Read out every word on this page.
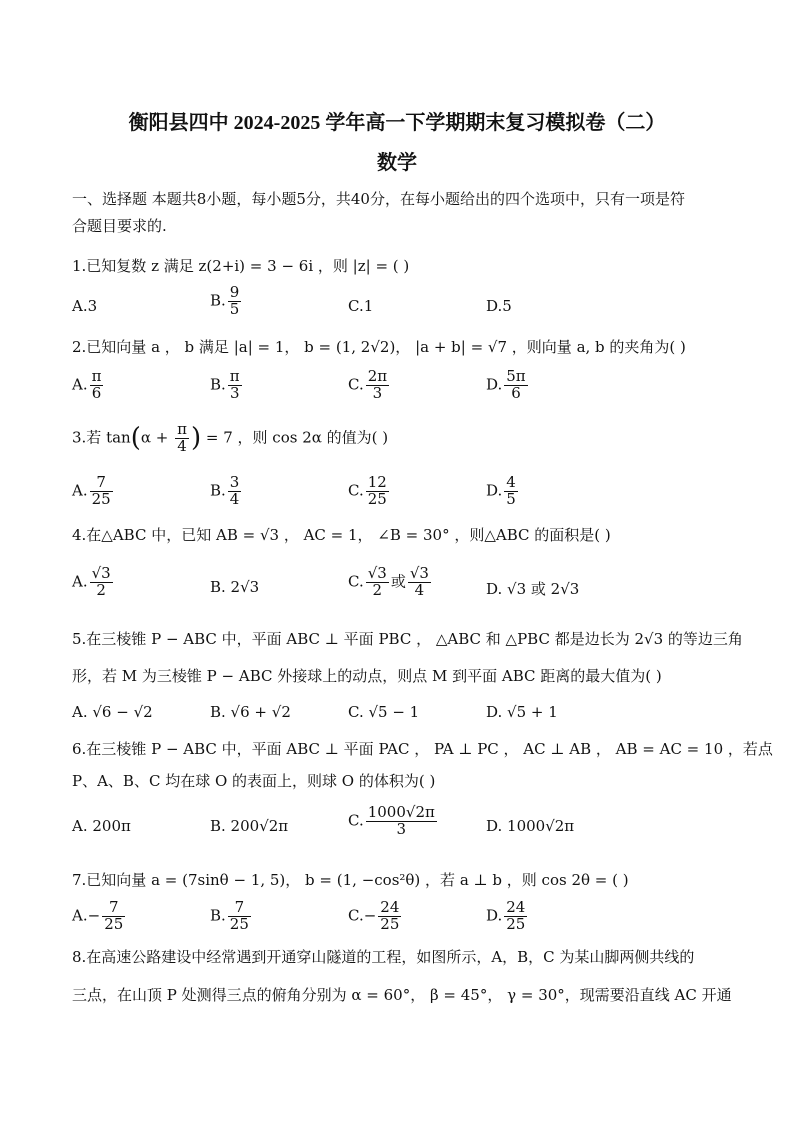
衡阳县四中 2024-2025 学年高一下学期期末复习模拟卷（二）
数学
一、选择题 本题共8小题，每小题5分，共40分，在每小题给出的四个选项中，只有一项是符
合题目要求的.
1.已知复数 z 满足 z(2+i) = 3 − 6i ，则 |z| = ( )
A.3	B. $\frac{9}{5}$	C.1	D.5
2.已知向量 a ， b 满足 |a| = 1， b = (1, 2√2)， |a + b| = √7 ，则向量 a, b 的夹角为( )
A. $\frac{\pi}{6}$	B. $\frac{\pi}{3}$	C. $\frac{2\pi}{3}$	D. $\frac{5\pi}{6}$
3.若 $\tan(\alpha + \frac{\pi}{4}$ ) = 7 ，则 cos 2α 的值为( )
A. $\frac{7}{25}$	B. $\frac{3}{4}$	C. $\frac{12}{25}$	D. $\frac{4}{5}$
4.在△ABC 中，已知 AB = √3 ， AC = 1， ∠B = 30° ，则△ABC 的面积是( )
A. $\frac{√3}{2}$	B. 2√3	C. $\frac{√3}{2}$ 或 $\frac{√3}{4}$	D. √3 或 2√3
5.在三棱锥 P − ABC 中，平面 ABC ⊥ 平面 PBC ， △ABC 和 △PBC 都是边长为 2√3 的等边三角
形，若 M 为三棱锥 P − ABC 外接球上的动点，则点 M 到平面 ABC 距离的最大值为( )
A. √6 − √2	B. √6 + √2	C. √5 − 1	D. √5 + 1
6.在三棱锥 P − ABC 中，平面 ABC ⊥ 平面 PAC ， PA ⊥ PC ， AC ⊥ AB ， AB = AC = 10 ，若点
P、A、B、C 均在球 O 的表面上，则球 O 的体积为( )
A. 200π	B. 200√2π	C. $\frac{1000√2\pi}{3}$	D. 1000√2π
7.已知向量 a = (7sinθ − 1, 5)， b = (1, −cos²θ) ，若 a ⊥ b ，则 cos 2θ = ( )
$A.- \frac{7}{25}$	B. $\frac{7}{25}$	$C.- \frac{24}{25}$	D. $\frac{24}{25}$
8.在高速公路建设中经常遇到开通穿山隧道的工程，如图所示，A，B，C 为某山脚两侧共线的
三点，在山顶 P 处测得三点的俯角分别为 α = 60°， β = 45°， γ = 30°，现需要沿直线 AC 开通
